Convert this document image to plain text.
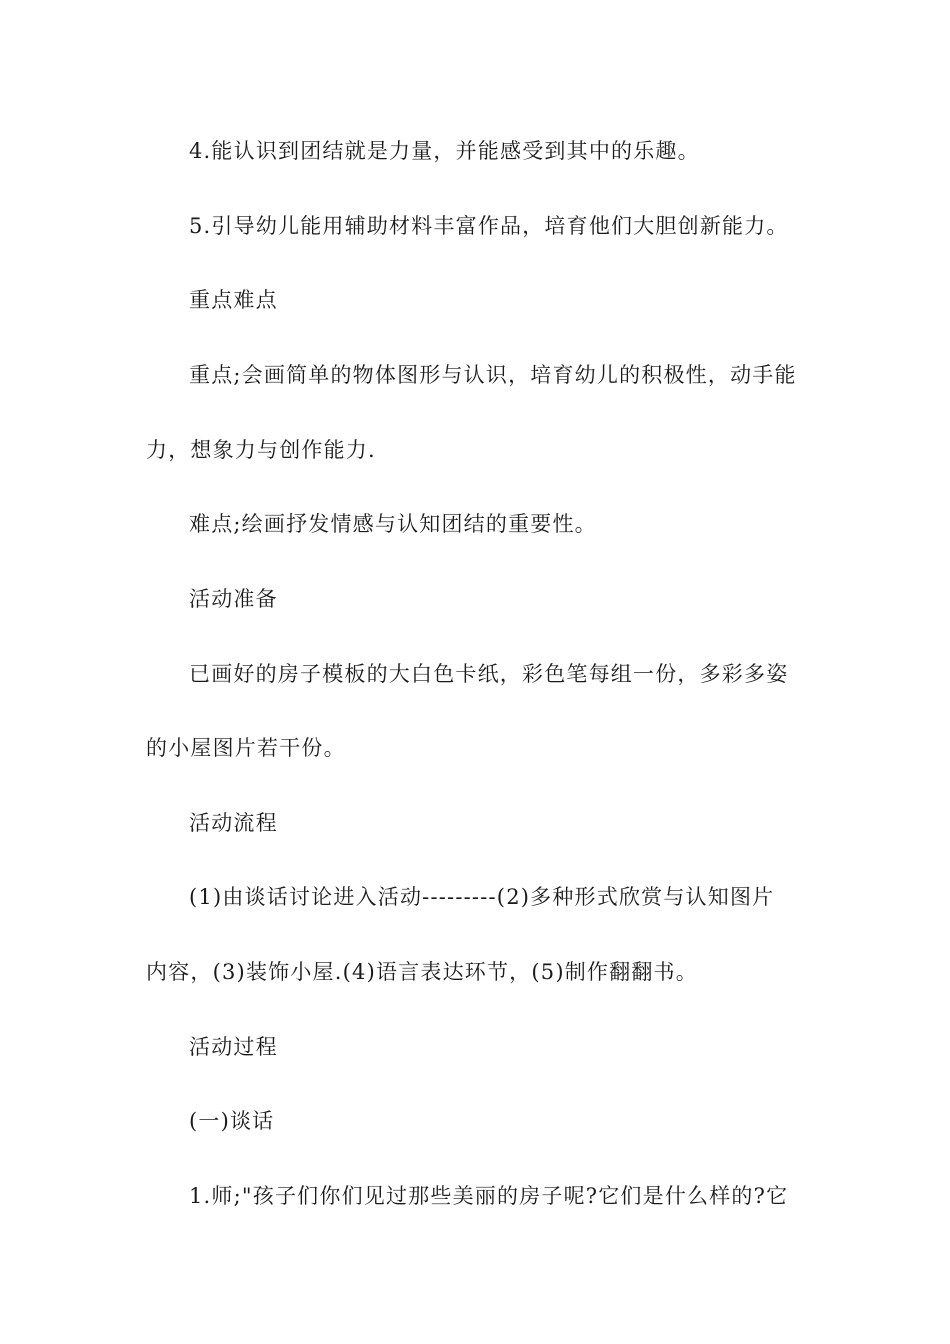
4.能认识到团结就是力量，并能感受到其中的乐趣。
5.引导幼儿能用辅助材料丰富作品，培育他们大胆创新能力。
重点难点
重点;会画简单的物体图形与认识，培育幼儿的积极性，动手能
力，想象力与创作能力.
难点;绘画抒发情感与认知团结的重要性。
活动准备
已画好的房子模板的大白色卡纸，彩色笔每组一份，多彩多姿
的小屋图片若干份。
活动流程
(1)由谈话讨论进入活动---------(2)多种形式欣赏与认知图片
内容，(3)装饰小屋.(4)语言表达环节，(5)制作翻翻书。
活动过程
(一)谈话
1.师;"孩子们你们见过那些美丽的房子呢?它们是什么样的?它
